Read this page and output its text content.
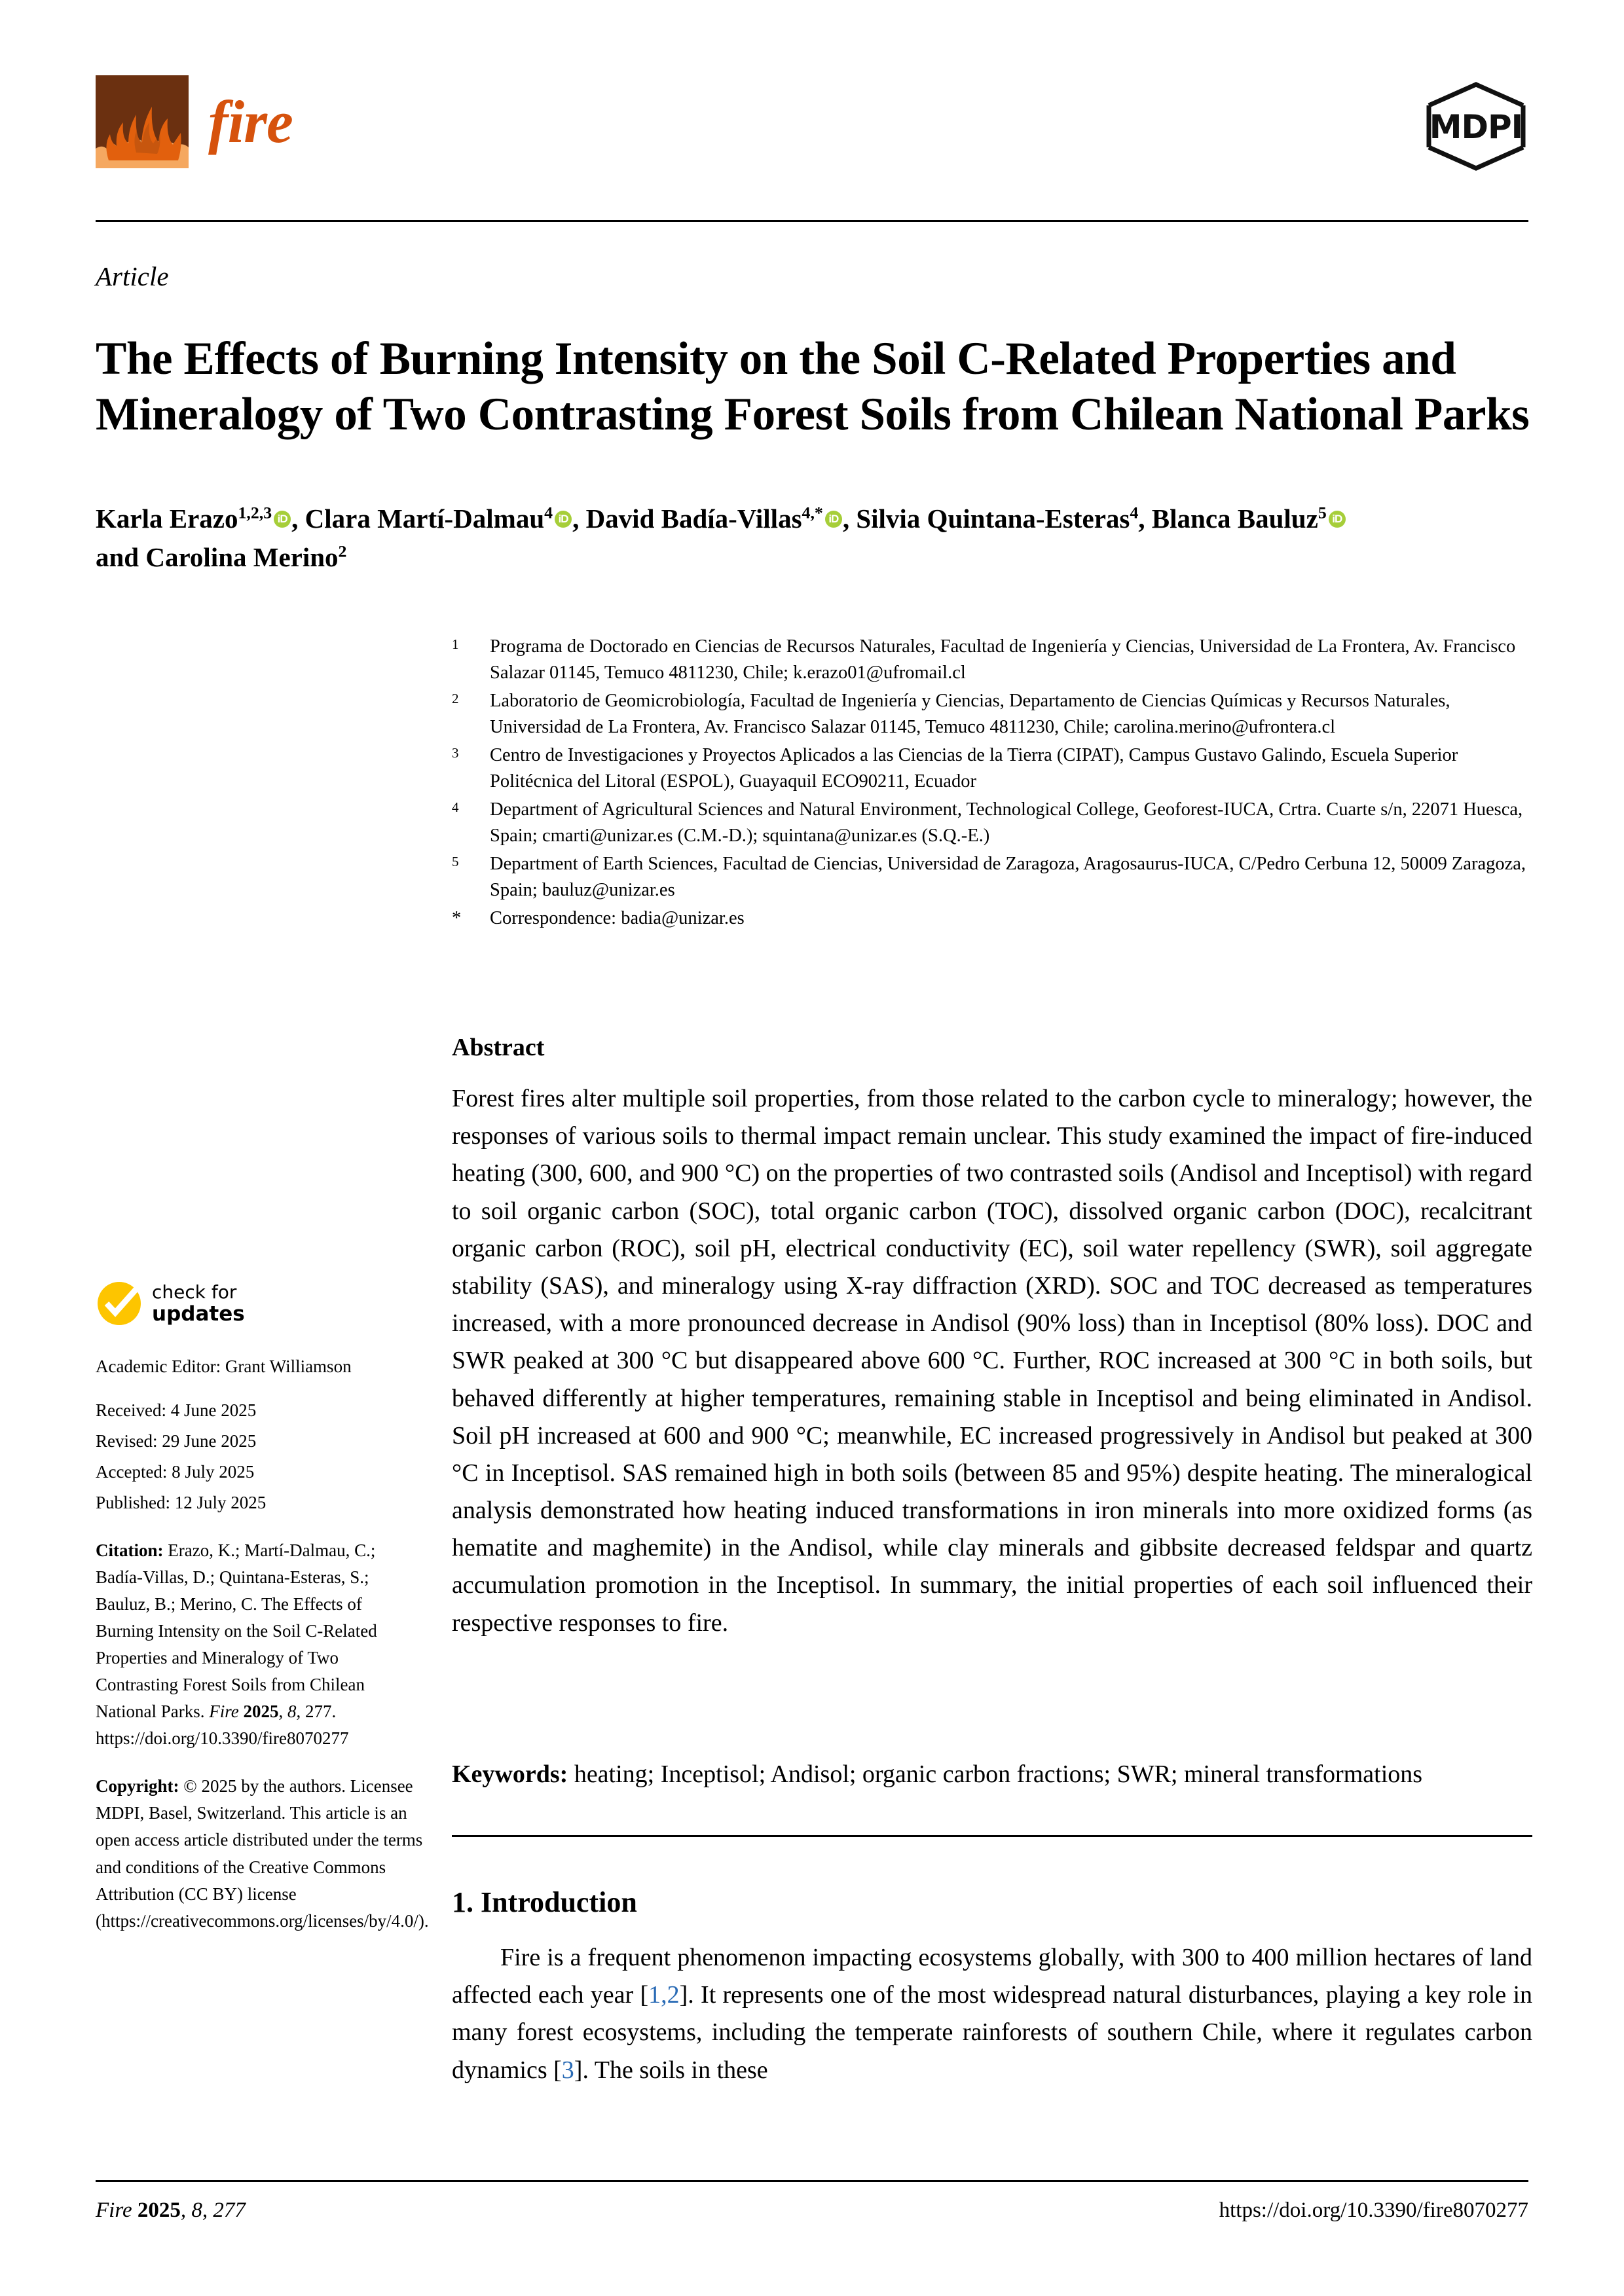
fire	MDPI
Article
The Effects of Burning Intensity on the Soil C-Related Properties and Mineralogy of Two Contrasting Forest Soils from Chilean National Parks
Karla Erazo$^{1,2,3}$ iD , Clara Martí-Dalmau$^4$ iD , David Badía-Villas$^{4,*}$ iD , Silvia Quintana-Esteras$^4$, Blanca Bauluz$^5$ iD
and Carolina Merino$^2$
1	Programa de Doctorado en Ciencias de Recursos Naturales, Facultad de Ingeniería y Ciencias, Universidad de La Frontera, Av. Francisco Salazar 01145, Temuco 4811230, Chile; k.erazo01@ufromail.cl
2	Laboratorio de Geomicrobiología, Facultad de Ingeniería y Ciencias, Departamento de Ciencias Químicas y Recursos Naturales, Universidad de La Frontera, Av. Francisco Salazar 01145, Temuco 4811230, Chile; carolina.merino@ufrontera.cl
3	Centro de Investigaciones y Proyectos Aplicados a las Ciencias de la Tierra (CIPAT), Campus Gustavo Galindo, Escuela Superior Politécnica del Litoral (ESPOL), Guayaquil ECO90211, Ecuador
4	Department of Agricultural Sciences and Natural Environment, Technological College, Geoforest-IUCA, Crtra. Cuarte s/n, 22071 Huesca, Spain; cmarti@unizar.es (C.M.-D.); squintana@unizar.es (S.Q.-E.)
5	Department of Earth Sciences, Facultad de Ciencias, Universidad de Zaragoza, Aragosaurus-IUCA, C/Pedro Cerbuna 12, 50009 Zaragoza, Spain; bauluz@unizar.es
*	Correspondence: badia@unizar.es
Abstract
Forest fires alter multiple soil properties, from those related to the carbon cycle to mineralogy; however, the responses of various soils to thermal impact remain unclear. This study examined the impact of fire-induced heating (300, 600, and 900 °C) on the properties of two contrasted soils (Andisol and Inceptisol) with regard to soil organic carbon (SOC), total organic carbon (TOC), dissolved organic carbon (DOC), recalcitrant organic carbon (ROC), soil pH, electrical conductivity (EC), soil water repellency (SWR), soil aggregate stability (SAS), and mineralogy using X-ray diffraction (XRD). SOC and TOC decreased as temperatures increased, with a more pronounced decrease in Andisol (90% loss) than in Inceptisol (80% loss). DOC and SWR peaked at 300 °C but disappeared above 600 °C. Further, ROC increased at 300 °C in both soils, but behaved differently at higher temperatures, remaining stable in Inceptisol and being eliminated in Andisol. Soil pH increased at 600 and 900 °C; meanwhile, EC increased progressively in Andisol but peaked at 300 °C in Inceptisol. SAS remained high in both soils (between 85 and 95%) despite heating. The mineralogical analysis demonstrated how heating induced transformations in iron minerals into more oxidized forms (as hematite and maghemite) in the Andisol, while clay minerals and gibbsite decreased feldspar and quartz accumulation promotion in the Inceptisol. In summary, the initial properties of each soil influenced their respective responses to fire.
Keywords: heating; Inceptisol; Andisol; organic carbon fractions; SWR; mineral transformations
1. Introduction
Fire is a frequent phenomenon impacting ecosystems globally, with 300 to 400 million hectares of land affected each year [1,2]. It represents one of the most widespread natural disturbances, playing a key role in many forest ecosystems, including the temperate rainforests of southern Chile, where it regulates carbon dynamics [3]. The soils in these
check for
updates
Academic Editor: Grant Williamson
Received: 4 June 2025
Revised: 29 June 2025
Accepted: 8 July 2025
Published: 12 July 2025
Citation: Erazo, K.; Martí-Dalmau, C.; Badía-Villas, D.; Quintana-Esteras, S.; Bauluz, B.; Merino, C. The Effects of Burning Intensity on the Soil C-Related Properties and Mineralogy of Two Contrasting Forest Soils from Chilean National Parks. Fire 2025, 8, 277. https://doi.org/10.3390/fire8070277
Copyright: © 2025 by the authors. Licensee MDPI, Basel, Switzerland. This article is an open access article distributed under the terms and conditions of the Creative Commons Attribution (CC BY) license (https://creativecommons.org/licenses/by/4.0/).
Fire 2025, 8, 277	https://doi.org/10.3390/fire8070277
